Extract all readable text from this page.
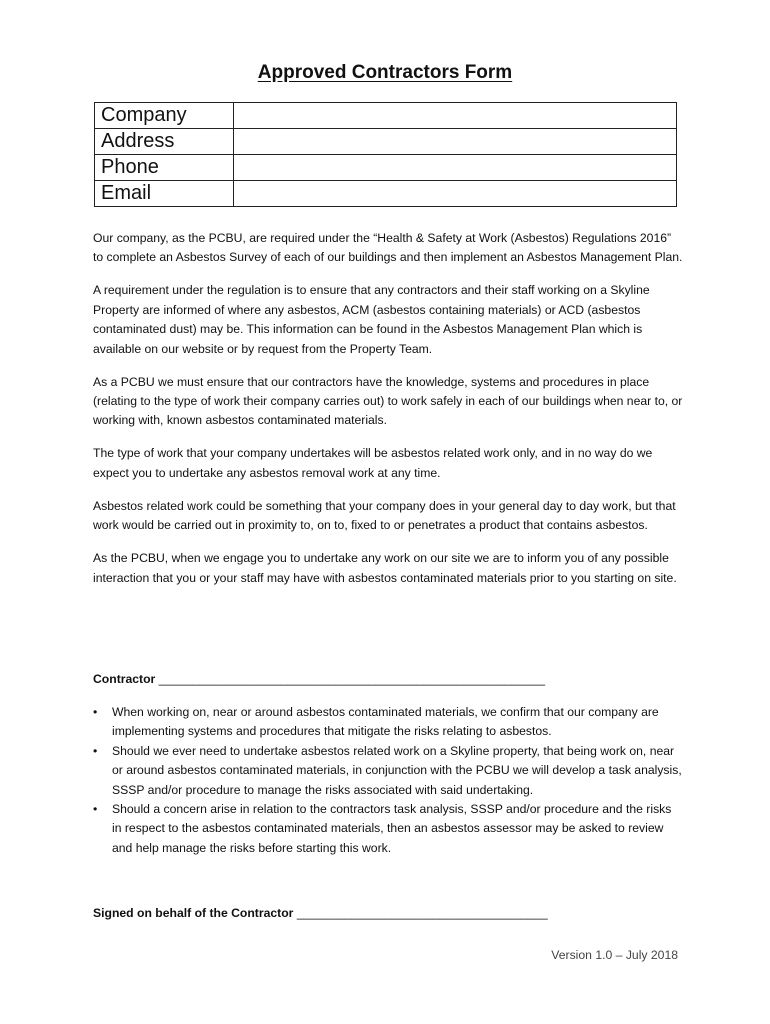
Approved Contractors Form
Company	
Address	
Phone	
Email	

Our company, as the PCBU, are required under the “Health & Safety at Work (Asbestos) Regulations 2016” to complete an Asbestos Survey of each of our buildings and then implement an Asbestos Management Plan.

A requirement under the regulation is to ensure that any contractors and their staff working on a Skyline Property are informed of where any asbestos, ACM (asbestos containing materials) or ACD (asbestos contaminated dust) may be. This information can be found in the Asbestos Management Plan which is available on our website or by request from the Property Team.

As a PCBU we must ensure that our contractors have the knowledge, systems and procedures in place (relating to the type of work their company carries out) to work safely in each of our buildings when near to, or working with, known asbestos contaminated materials.

The type of work that your company undertakes will be asbestos related work only, and in no way do we expect you to undertake any asbestos removal work at any time.

Asbestos related work could be something that your company does in your general day to day work, but that work would be carried out in proximity to, on to, fixed to or penetrates a product that contains asbestos.

As the PCBU, when we engage you to undertake any work on our site we are to inform you of any possible interaction that you or your staff may have with asbestos contaminated materials prior to you starting on site.

Contractor _________________________________________________________
•	When working on, near or around asbestos contaminated materials, we confirm that our company are implementing systems and procedures that mitigate the risks relating to asbestos.
•	Should we ever need to undertake asbestos related work on a Skyline property, that being work on, near or around asbestos contaminated materials, in conjunction with the PCBU we will develop a task analysis, SSSP and/or procedure to manage the risks associated with said undertaking.
•	Should a concern arise in relation to the contractors task analysis, SSSP and/or procedure and the risks in respect to the asbestos contaminated materials, then an asbestos assessor may be asked to review and help manage the risks before starting this work.
Signed on behalf of the Contractor _____________________________________
Version 1.0 – July 2018
